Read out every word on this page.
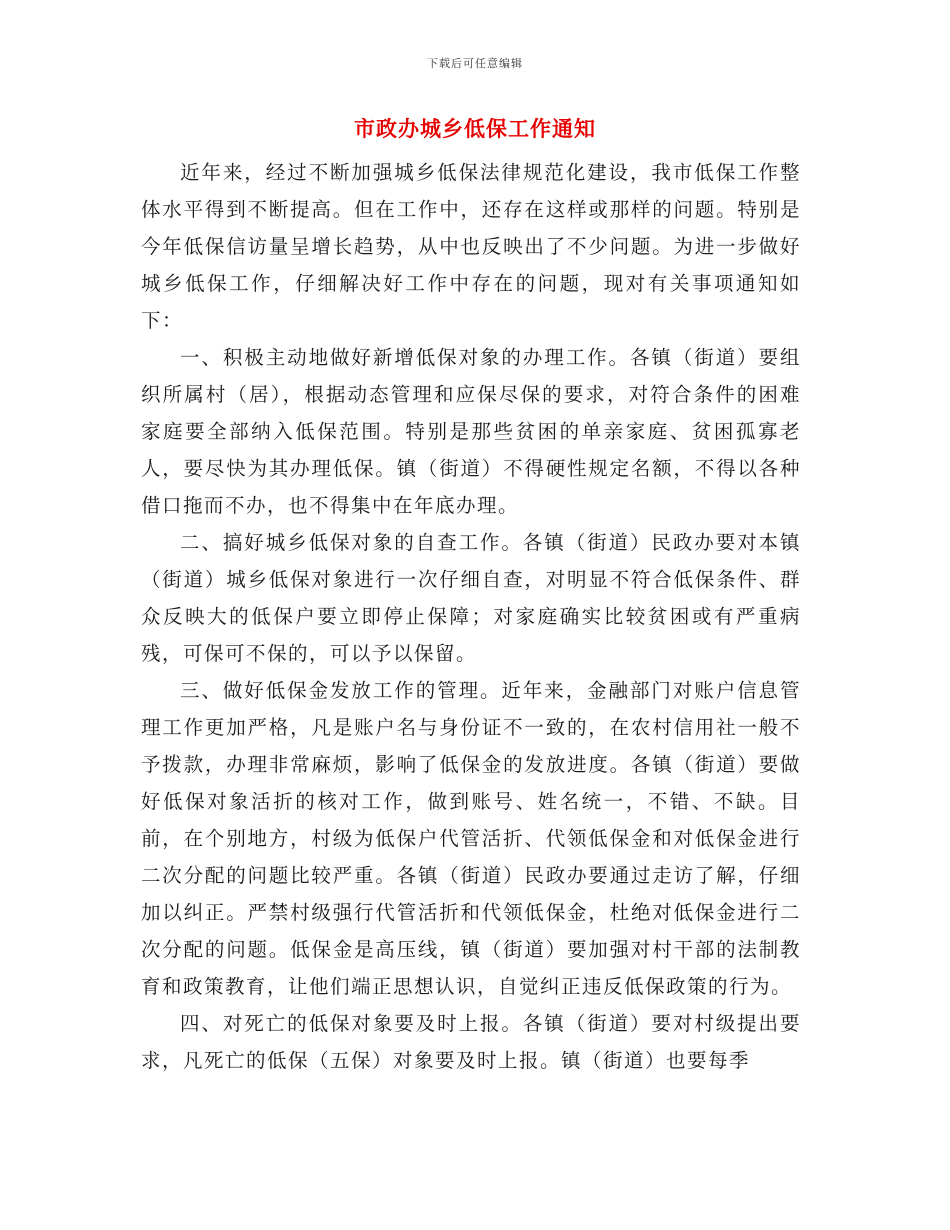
下载后可任意编辑
市政办城乡低保工作通知

近年来，经过不断加强城乡低保法律规范化建设，我市低保工作整体水平得到不断提高。但在工作中，还存在这样或那样的问题。特别是今年低保信访量呈增长趋势，从中也反映出了不少问题。为进一步做好城乡低保工作，仔细解决好工作中存在的问题，现对有关事项通知如下：

一、积极主动地做好新增低保对象的办理工作。各镇（街道）要组织所属村（居），根据动态管理和应保尽保的要求，对符合条件的困难家庭要全部纳入低保范围。特别是那些贫困的单亲家庭、贫困孤寡老人，要尽快为其办理低保。镇（街道）不得硬性规定名额，不得以各种借口拖而不办，也不得集中在年底办理。

二、搞好城乡低保对象的自查工作。各镇（街道）民政办要对本镇（街道）城乡低保对象进行一次仔细自查，对明显不符合低保条件、群众反映大的低保户要立即停止保障；对家庭确实比较贫困或有严重病残，可保可不保的，可以予以保留。

三、做好低保金发放工作的管理。近年来，金融部门对账户信息管理工作更加严格，凡是账户名与身份证不一致的，在农村信用社一般不予拨款，办理非常麻烦，影响了低保金的发放进度。各镇（街道）要做好低保对象活折的核对工作，做到账号、姓名统一，不错、不缺。目前，在个别地方，村级为低保户代管活折、代领低保金和对低保金进行二次分配的问题比较严重。各镇（街道）民政办要通过走访了解，仔细加以纠正。严禁村级强行代管活折和代领低保金，杜绝对低保金进行二次分配的问题。低保金是高压线，镇（街道）要加强对村干部的法制教育和政策教育，让他们端正思想认识，自觉纠正违反低保政策的行为。

四、对死亡的低保对象要及时上报。各镇（街道）要对村级提出要求，凡死亡的低保（五保）对象要及时上报。镇（街道）也要每季
